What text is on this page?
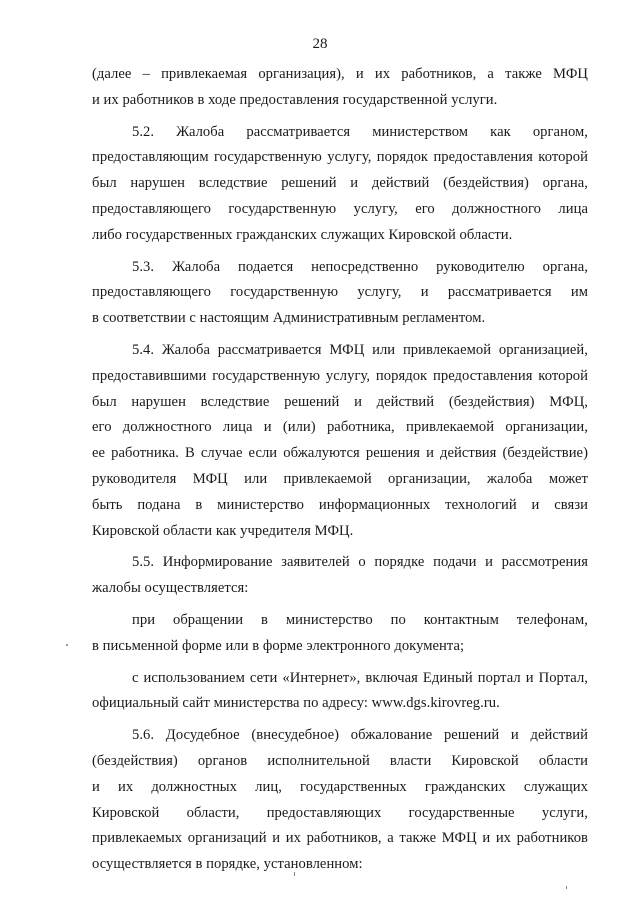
28
(далее – привлекаемая организация), и их работников, а также МФЦ
и их работников в ходе предоставления государственной услуги.
5.2. Жалоба рассматривается министерством как органом,
предоставляющим государственную услугу, порядок предоставления которой
был нарушен вследствие решений и действий (бездействия) органа,
предоставляющего государственную услугу, его должностного лица
либо государственных гражданских служащих Кировской области.
5.3. Жалоба подается непосредственно руководителю органа,
предоставляющего государственную услугу, и рассматривается им
в соответствии с настоящим Административным регламентом.
5.4. Жалоба рассматривается МФЦ или привлекаемой организацией,
предоставившими государственную услугу, порядок предоставления которой
был нарушен вследствие решений и действий (бездействия) МФЦ,
его должностного лица и (или) работника, привлекаемой организации,
ее работника. В случае если обжалуются решения и действия (бездействие)
руководителя МФЦ или привлекаемой организации, жалоба может
быть подана в министерство информационных технологий и связи
Кировской области как учредителя МФЦ.
5.5. Информирование заявителей о порядке подачи и рассмотрения
жалобы осуществляется:
при обращении в министерство по контактным телефонам,
в письменной форме или в форме электронного документа;
с использованием сети «Интернет», включая Единый портал и Портал,
официальный сайт министерства по адресу: www.dgs.kirovreg.ru.
5.6. Досудебное (внесудебное) обжалование решений и действий
(бездействия) органов исполнительной власти Кировской области
и их должностных лиц, государственных гражданских служащих
Кировской области, предоставляющих государственные услуги,
привлекаемых организаций и их работников, а также МФЦ и их работников
осуществляется в порядке, установленном:
